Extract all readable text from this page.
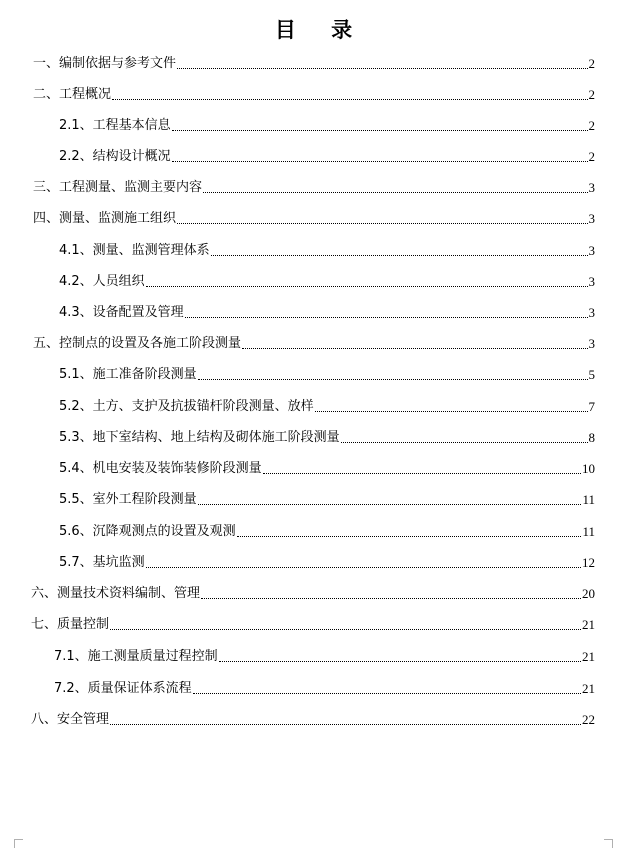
目 录
一、编制依据与参考文件	2
二、工程概况	2
2.1、工程基本信息	2
2.2、结构设计概况	2
三、工程测量、监测主要内容	3
四、测量、监测施工组织	3
4.1、测量、监测管理体系	3
4.2、人员组织	3
4.3、设备配置及管理	3
五、控制点的设置及各施工阶段测量	3
5.1、施工准备阶段测量	5
5.2、土方、支护及抗拔锚杆阶段测量、放样	7
5.3、地下室结构、地上结构及砌体施工阶段测量	8
5.4、机电安装及装饰装修阶段测量	10
5.5、室外工程阶段测量	11
5.6、沉降观测点的设置及观测	11
5.7、基坑监测	12
六、测量技术资料编制、管理	20
七、质量控制	21
7.1、施工测量质量过程控制	21
7.2、质量保证体系流程	21
八、安全管理	22
